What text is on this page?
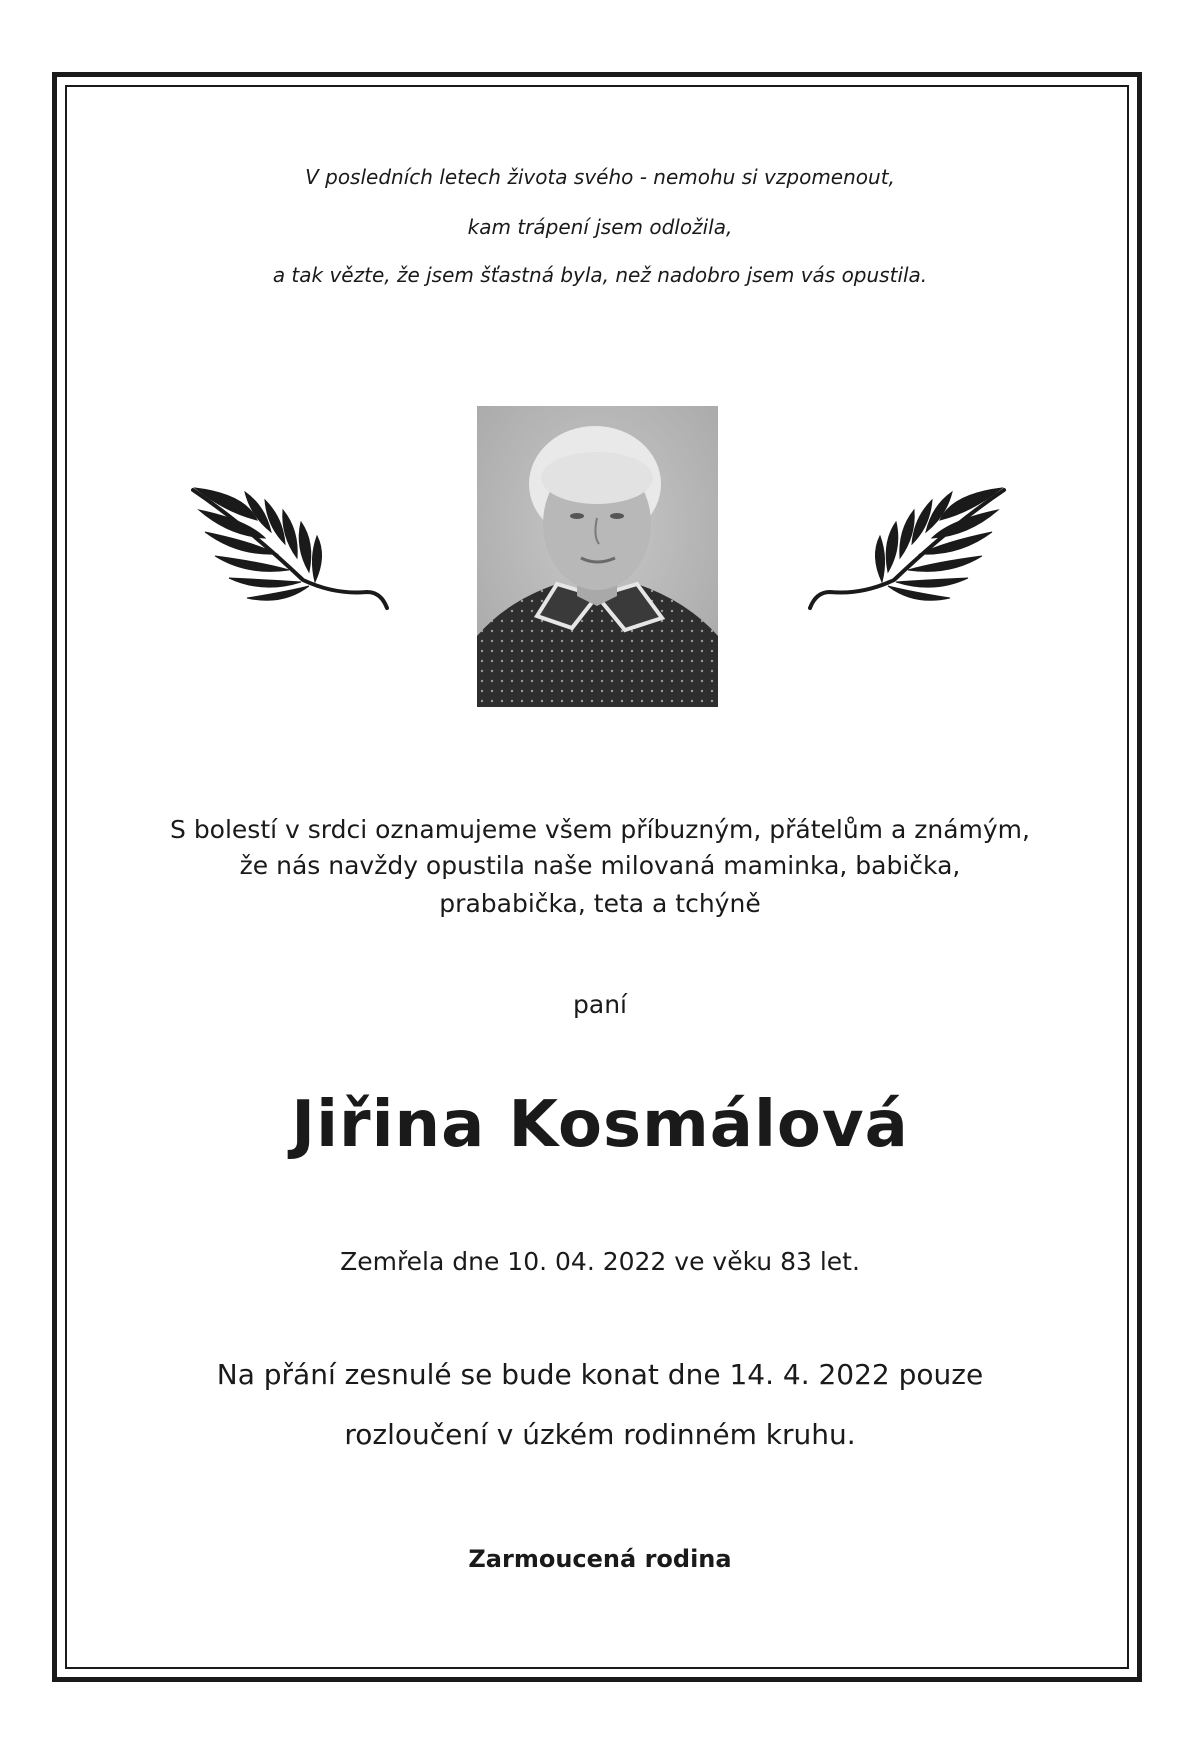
V posledních letech života svého - nemohu si vzpomenout,
kam trápení jsem odložila,
a tak vězte, že jsem šťastná byla, než nadobro jsem vás opustila.
S bolestí v srdci oznamujeme všem příbuzným, přátelům a známým,
že nás navždy opustila naše milovaná maminka, babička,
prababička, teta a tchýně
paní
Jiřina Kosmálová
Zemřela dne 10. 04. 2022 ve věku 83 let.
Na přání zesnulé se bude konat dne 14. 4. 2022 pouze
rozloučení v úzkém rodinném kruhu.
Zarmoucená rodina
